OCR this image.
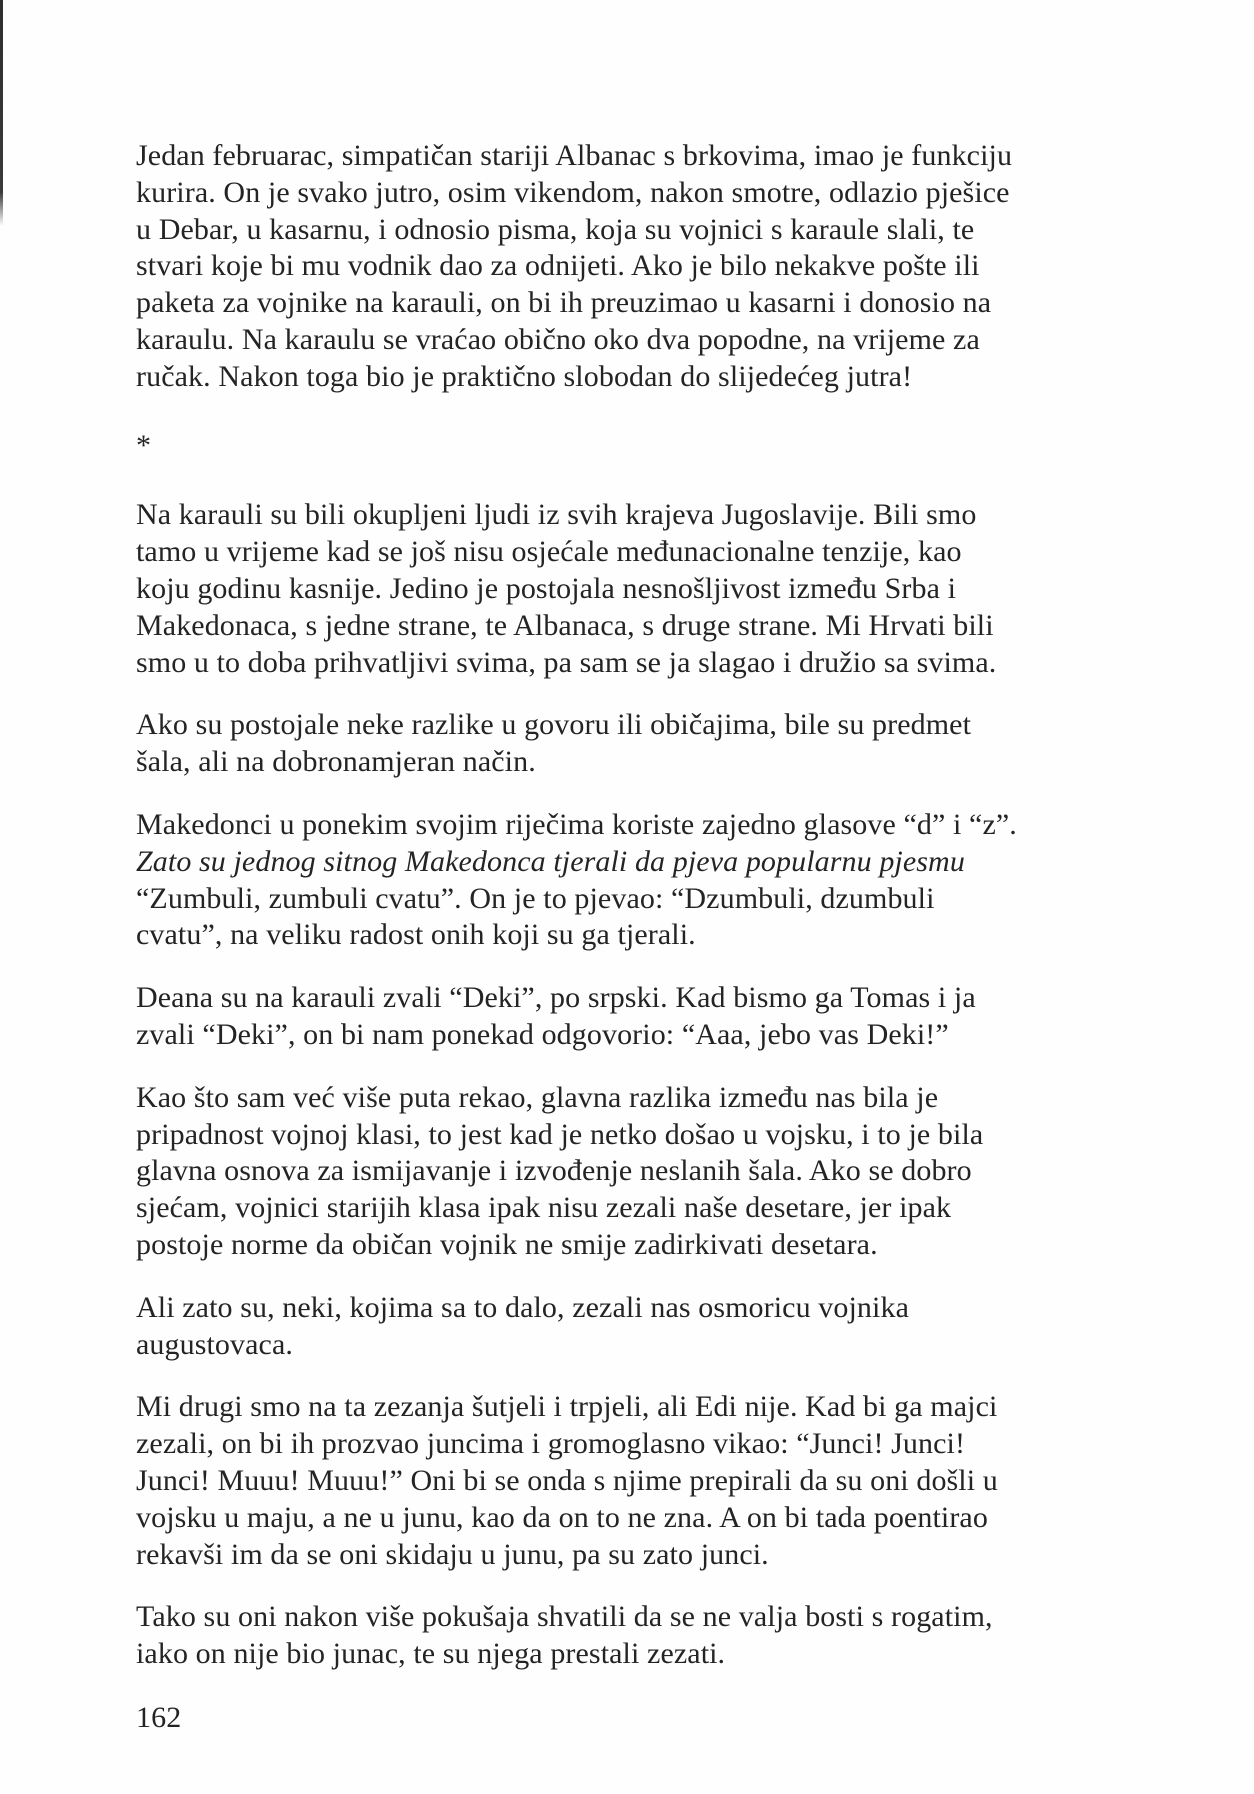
Jedan februarac, simpatičan stariji Albanac s brkovima, imao je funkciju
kurira. On je svako jutro, osim vikendom, nakon smotre, odlazio pješice
u Debar, u kasarnu, i odnosio pisma, koja su vojnici s karaule slali, te
stvari koje bi mu vodnik dao za odnijeti. Ako je bilo nekakve pošte ili
paketa za vojnike na karauli, on bi ih preuzimao u kasarni i donosio na
karaulu. Na karaulu se vraćao obično oko dva popodne, na vrijeme za
ručak. Nakon toga bio je praktično slobodan do slijedećeg jutra!
*
Na karauli su bili okupljeni ljudi iz svih krajeva Jugoslavije. Bili smo
tamo u vrijeme kad se još nisu osjećale međunacionalne tenzije, kao
koju godinu kasnije. Jedino je postojala nesnošljivost između Srba i
Makedonaca, s jedne strane, te Albanaca, s druge strane. Mi Hrvati bili
smo u to doba prihvatljivi svima, pa sam se ja slagao i družio sa svima.
Ako su postojale neke razlike u govoru ili običajima, bile su predmet
šala, ali na dobronamjeran način.
Makedonci u ponekim svojim riječima koriste zajedno glasove “d” i “z”.
Zato su jednog sitnog Makedonca tjerali da pjeva popularnu pjesmu
“Zumbuli, zumbuli cvatu”. On je to pjevao: “Dzumbuli, dzumbuli
cvatu”, na veliku radost onih koji su ga tjerali.
Deana su na karauli zvali “Deki”, po srpski. Kad bismo ga Tomas i ja
zvali “Deki”, on bi nam ponekad odgovorio: “Aaa, jebo vas Deki!”
Kao što sam već više puta rekao, glavna razlika između nas bila je
pripadnost vojnoj klasi, to jest kad je netko došao u vojsku, i to je bila
glavna osnova za ismijavanje i izvođenje neslanih šala. Ako se dobro
sjećam, vojnici starijih klasa ipak nisu zezali naše desetare, jer ipak
postoje norme da običan vojnik ne smije zadirkivati desetara.
Ali zato su, neki, kojima sa to dalo, zezali nas osmoricu vojnika
augustovaca.
Mi drugi smo na ta zezanja šutjeli i trpjeli, ali Edi nije. Kad bi ga majci
zezali, on bi ih prozvao juncima i gromoglasno vikao: “Junci! Junci!
Junci! Muuu! Muuu!” Oni bi se onda s njime prepirali da su oni došli u
vojsku u maju, a ne u junu, kao da on to ne zna. A on bi tada poentirao
rekavši im da se oni skidaju u junu, pa su zato junci.
Tako su oni nakon više pokušaja shvatili da se ne valja bosti s rogatim,
iako on nije bio junac, te su njega prestali zezati.
162
